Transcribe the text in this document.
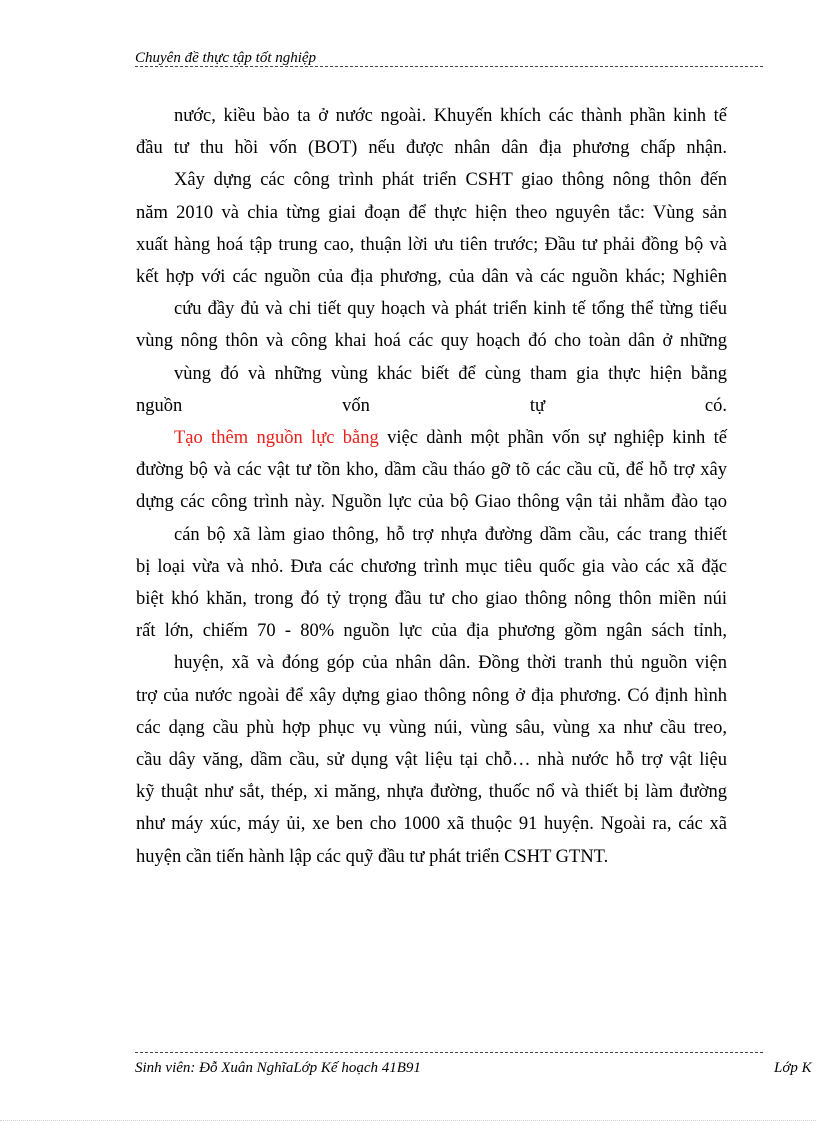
Chuyên đề thực tập tốt nghiệp

nước, kiều bào ta ở nước ngoài. Khuyến khích các thành phần kinh tế

đầu tư thu hồi vốn (BOT) nếu được nhân dân địa phương chấp nhận.

Xây dựng các công trình phát triển CSHT giao thông nông thôn đến

năm 2010 và chia từng giai đoạn để thực hiện theo nguyên tắc: Vùng sản

xuất hàng hoá tập trung cao, thuận lời ưu tiên trước; Đầu tư phải đồng bộ và

kết hợp với các nguồn của địa phương, của dân và các nguồn khác; Nghiên

cứu đầy đủ và chi tiết quy hoạch và phát triển kinh tế tổng thể từng tiểu

vùng nông thôn và công khai hoá các quy hoạch đó cho toàn dân ở những

vùng đó và những vùng khác biết để cùng tham gia thực hiện bằng

nguồn vốn tự có.

Tạo thêm nguồn lực bằng việc dành một phần vốn sự nghiệp kinh tế

đường bộ và các vật tư tồn kho, dầm cầu tháo gỡ tõ các cầu cũ, để hỗ trợ xây

dựng các công trình này. Nguồn lực của bộ Giao thông vận tải nhằm đào tạo

cán bộ xã làm giao thông, hỗ trợ nhựa đường dầm cầu, các trang thiết

bị loại vừa và nhỏ. Đưa các chương trình mục tiêu quốc gia vào các xã đặc

biệt khó khăn, trong đó tỷ trọng đầu tư cho giao thông nông thôn miền núi

rất lớn, chiếm 70 - 80% nguồn lực của địa phương gồm ngân sách tỉnh,

huyện, xã và đóng góp của nhân dân. Đồng thời tranh thủ nguồn viện

trợ của nước ngoài để xây dựng giao thông nông ở địa phương. Có định hình

các dạng cầu phù hợp phục vụ vùng núi, vùng sâu, vùng xa như cầu treo,

cầu dây văng, dầm cầu, sử dụng vật liệu tại chỗ… nhà nước hỗ trợ vật liệu

kỹ thuật như sắt, thép, xi măng, nhựa đường, thuốc nổ và thiết bị làm đường

như máy xúc, máy ủi, xe ben cho 1000 xã thuộc 91 huyện. Ngoài ra, các xã

huyện cần tiến hành lập các quỹ đầu tư phát triển CSHT GTNT.

Sinh viên: Đỗ Xuân NghĩaLớp Kế hoạch 41B91	Lớp K
